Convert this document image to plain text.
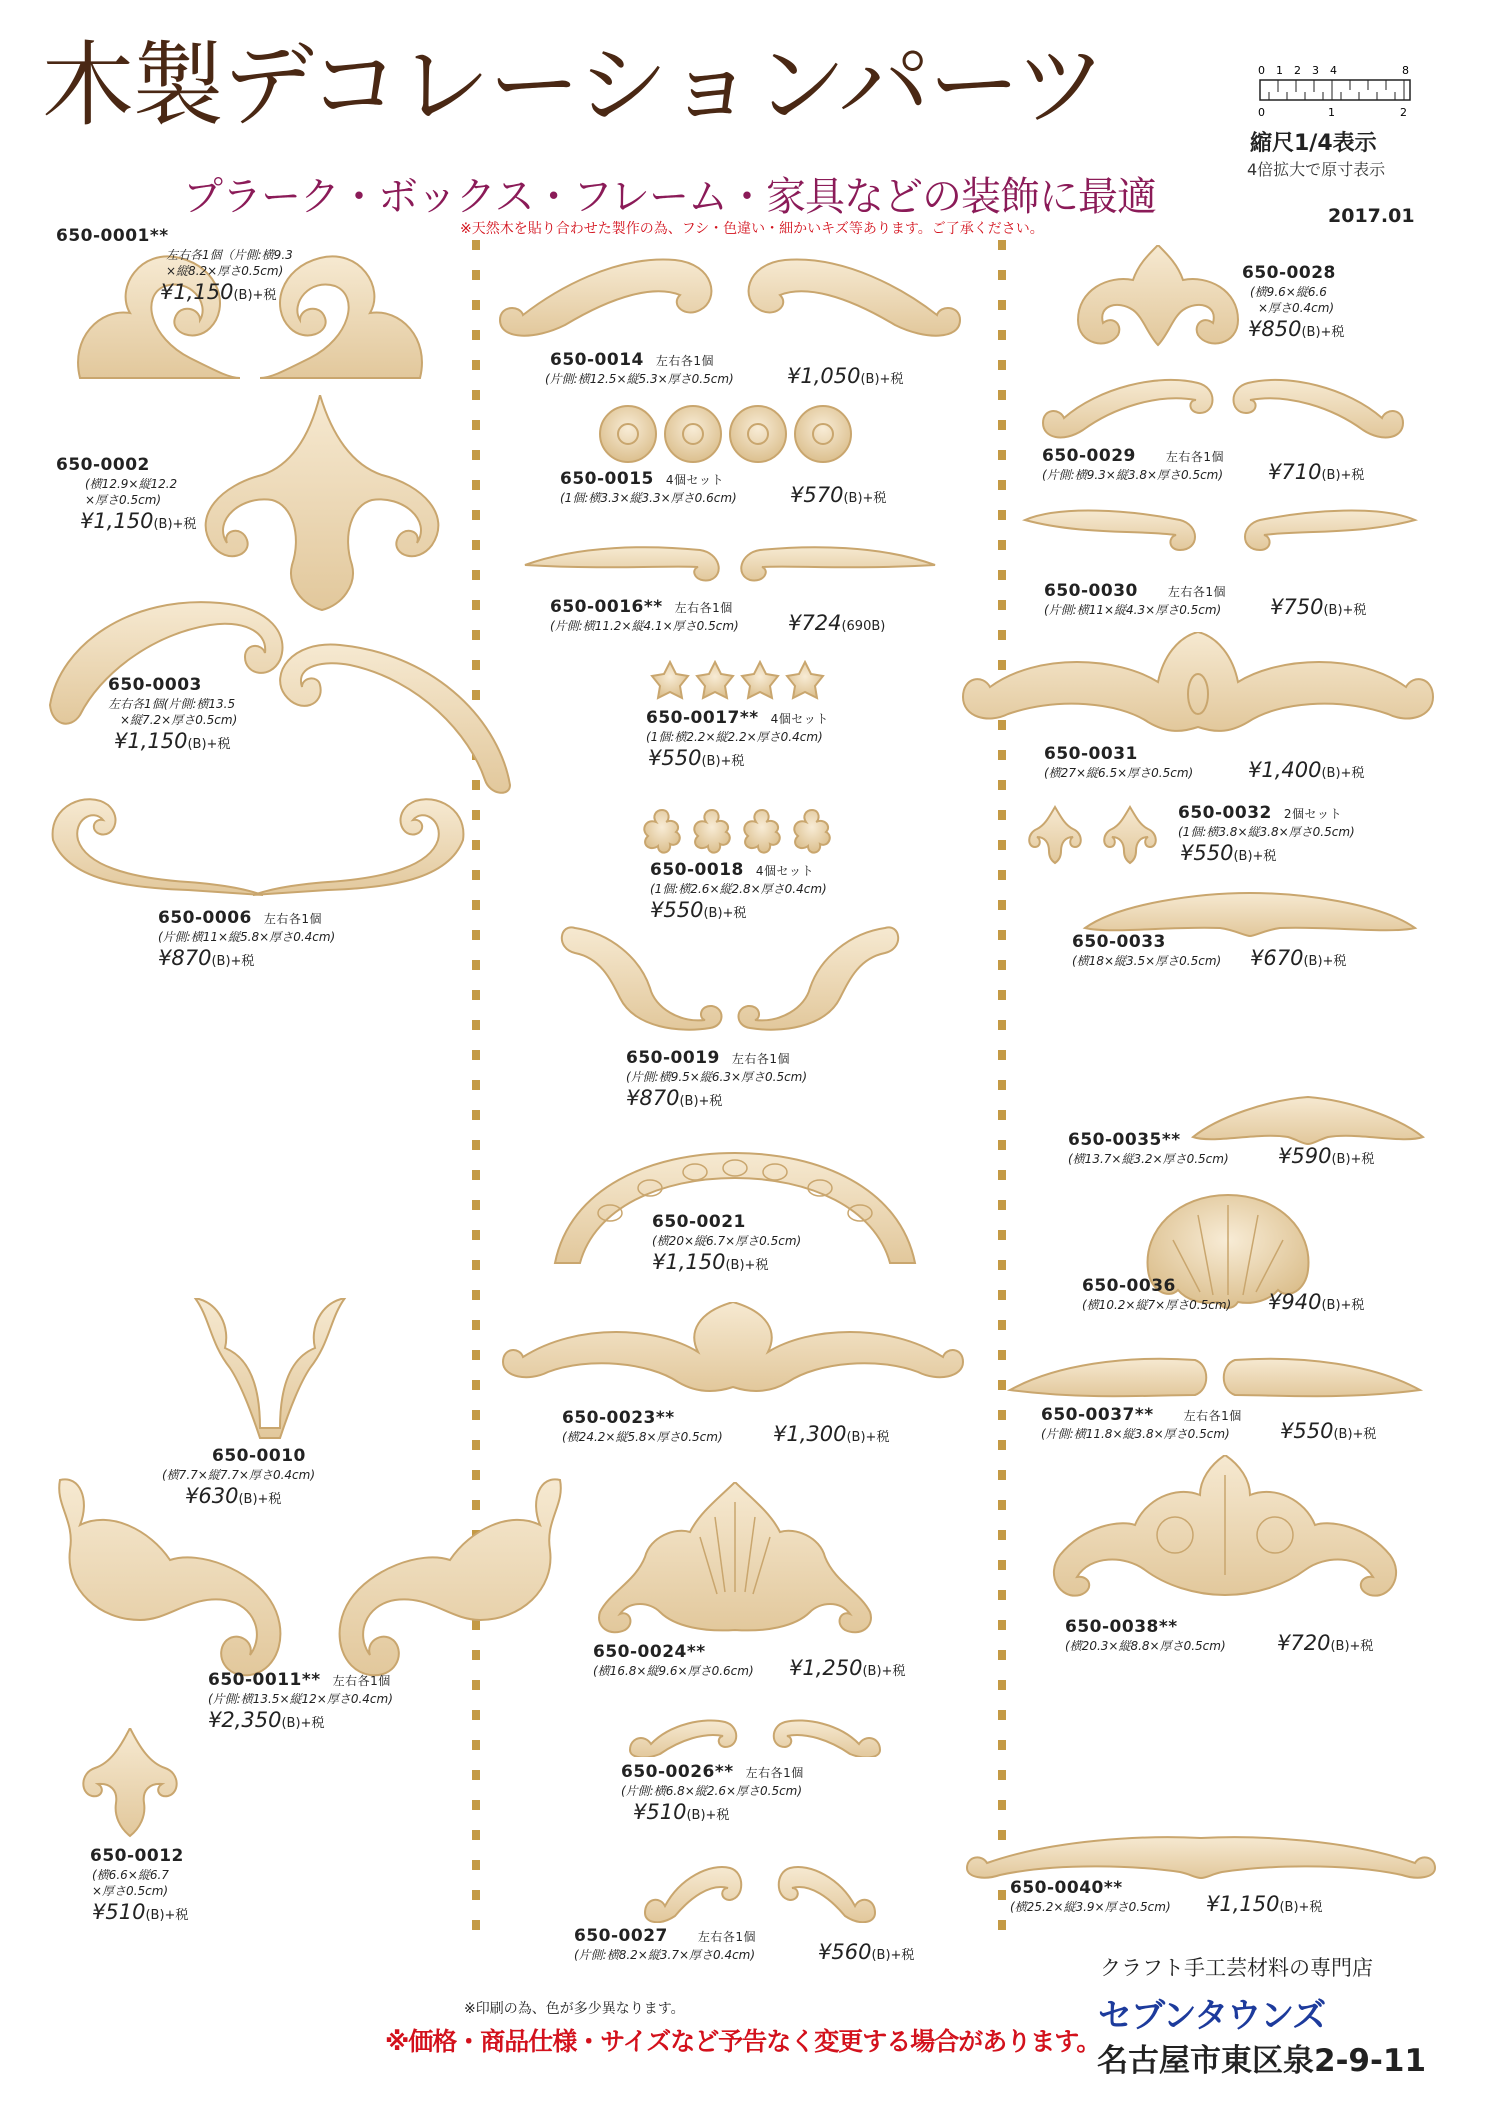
木製デコレーションパーツ
プラーク・ボックス・フレーム・家具などの装飾に最適
※天然木を貼り合わせた製作の為、フシ・色違い・細かいキズ等あります。ご了承ください。
2017.01
0 1 2 3 4	8
0	1	2
縮尺1/4表示
4倍拡大で原寸表示
650-0001**
左右各1個（片側:横9.3
×縦8.2×厚さ0.5cm)
¥1,150(B)+税
650-0002
(横12.9×縦12.2
×厚さ0.5cm)
¥1,150(B)+税
650-0003
左右各1個(片側:横13.5
×縦7.2×厚さ0.5cm)
¥1,150(B)+税
650-0006 左右各1個
(片側:横11×縦5.8×厚さ0.4cm)
¥870(B)+税
650-0010
(横7.7×縦7.7×厚さ0.4cm)
¥630(B)+税
650-0011** 左右各1個
(片側:横13.5×縦12×厚さ0.4cm)
¥2,350(B)+税
650-0012
(横6.6×縦6.7
×厚さ0.5cm)
¥510(B)+税
650-0014 左右各1個
(片側:横12.5×縦5.3×厚さ0.5cm)	¥1,050(B)+税
650-0015 4個セット
(1個:横3.3×縦3.3×厚さ0.6cm)	¥570(B)+税
650-0016** 左右各1個
(片側:横11.2×縦4.1×厚さ0.5cm) ¥724(690B)
650-0017** 4個セット
(1個:横2.2×縦2.2×厚さ0.4cm)
¥550(B)+税
650-0018 4個セット
(1個:横2.6×縦2.8×厚さ0.4cm)
¥550(B)+税
650-0019 左右各1個
(片側:横9.5×縦6.3×厚さ0.5cm)
¥870(B)+税
650-0021
(横20×縦6.7×厚さ0.5cm)
¥1,150(B)+税
650-0023**
(横24.2×縦5.8×厚さ0.5cm) ¥1,300(B)+税
650-0024**
(横16.8×縦9.6×厚さ0.6cm) ¥1,250(B)+税
650-0026** 左右各1個
(片側:横6.8×縦2.6×厚さ0.5cm)
¥510(B)+税
650-0027	左右各1個
(片側:横8.2×縦3.7×厚さ0.4cm)	¥560(B)+税
650-0028
(横9.6×縦6.6
×厚さ0.4cm)
¥850(B)+税
650-0029	左右各1個
(片側:横9.3×縦3.8×厚さ0.5cm) ¥710(B)+税
650-0030	左右各1個
(片側:横11×縦4.3×厚さ0.5cm) ¥750(B)+税
650-0031
(横27×縦6.5×厚さ0.5cm)	¥1,400(B)+税
650-0032 2個セット
(1個:横3.8×縦3.8×厚さ0.5cm)
¥550(B)+税
650-0033
(横18×縦3.5×厚さ0.5cm) ¥670(B)+税
650-0035**
(横13.7×縦3.2×厚さ0.5cm) ¥590(B)+税
650-0036
(横10.2×縦7×厚さ0.5cm) ¥940(B)+税
650-0037**	左右各1個
(片側:横11.8×縦3.8×厚さ0.5cm) ¥550(B)+税
650-0038**
(横20.3×縦8.8×厚さ0.5cm) ¥720(B)+税
650-0040**
(横25.2×縦3.9×厚さ0.5cm) ¥1,150(B)+税
※印刷の為、色が多少異なります。
※価格・商品仕様・サイズなど予告なく変更する場合があります。
クラフト手工芸材料の専門店
セブンタウンズ
名古屋市東区泉2-9-11
